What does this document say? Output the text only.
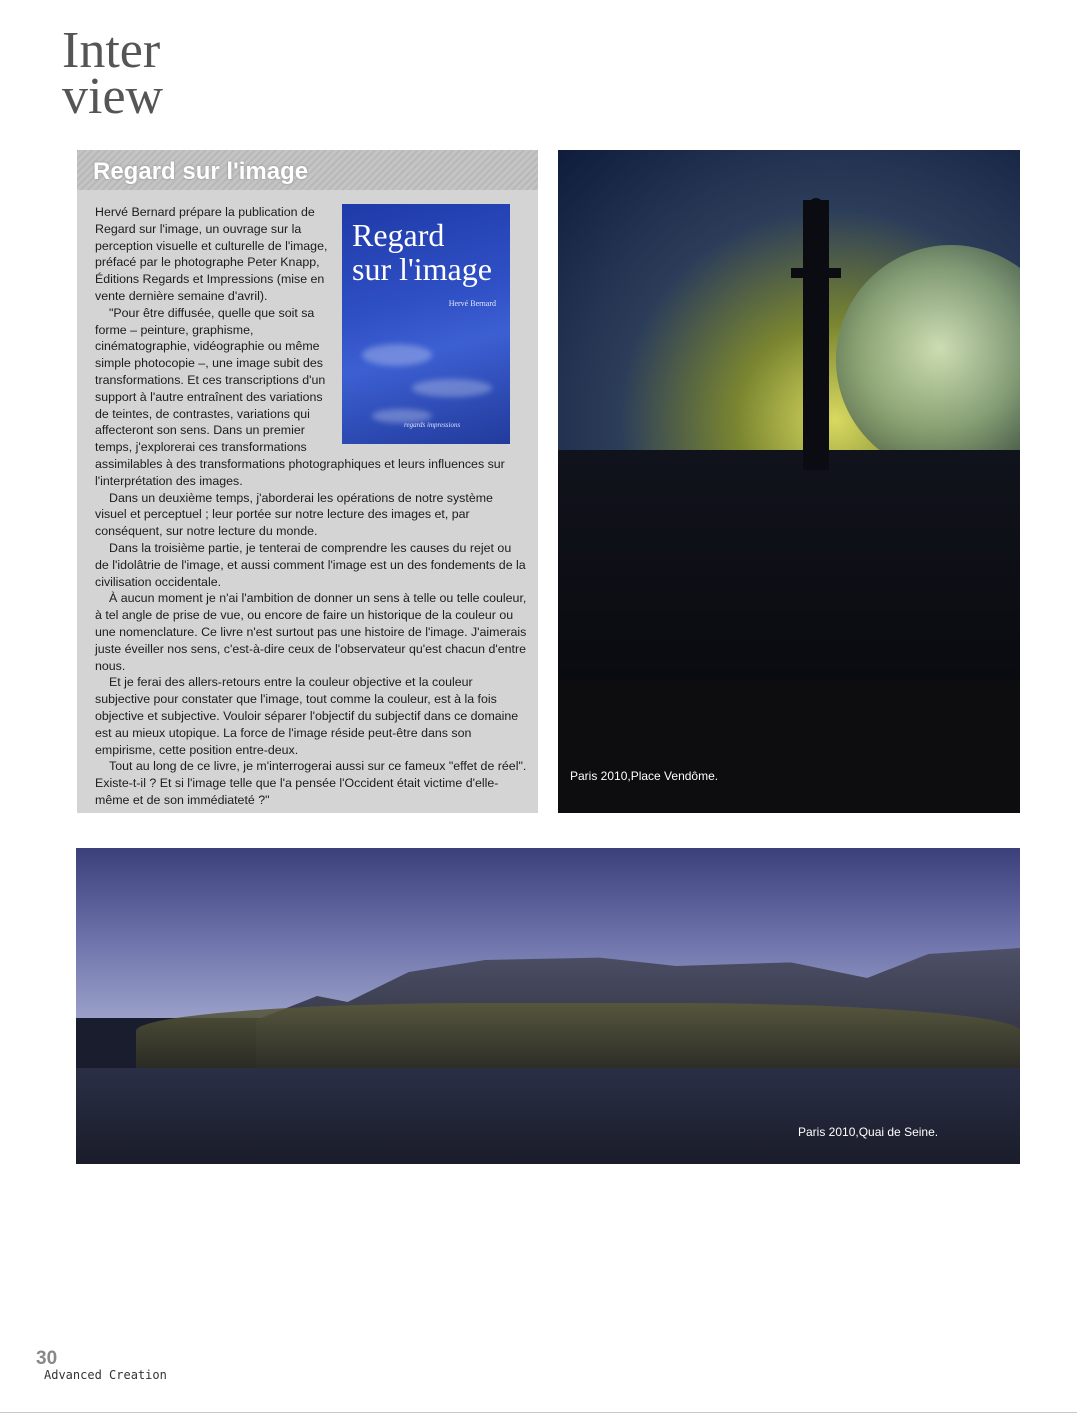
Inter
view
Regard sur l'image
Regard
sur l'image
Hervé Bernard
regards impressions

Hervé Bernard prépare la publication de Regard sur l'image, un ouvrage sur la perception visuelle et culturelle de l'image, préfacé par le photographe Peter Knapp, Éditions Regards et Impressions (mise en vente dernière semaine d'avril).

"Pour être diffusée, quelle que soit sa forme – peinture, graphisme, cinématographie, vidéographie ou même simple photocopie –, une image subit des transformations. Et ces transcriptions d'un support à l'autre entraînent des variations de teintes, de contrastes, variations qui affecteront son sens. Dans un premier temps, j'explorerai ces transformations assimilables à des transformations photographiques et leurs influences sur l'interprétation des images.

Dans un deuxième temps, j'aborderai les opérations de notre système visuel et perceptuel ; leur portée sur notre lecture des images et, par conséquent, sur notre lecture du monde.

Dans la troisième partie, je tenterai de comprendre les causes du rejet ou de l'idolâtrie de l'image, et aussi comment l'image est un des fondements de la civilisation occidentale.

À aucun moment je n'ai l'ambition de donner un sens à telle ou telle couleur, à tel angle de prise de vue, ou encore de faire un historique de la couleur ou une nomenclature. Ce livre n'est surtout pas une histoire de l'image. J'aimerais juste éveiller nos sens, c'est-à-dire ceux de l'observateur qu'est chacun d'entre nous.

Et je ferai des allers-retours entre la couleur objective et la couleur subjective pour constater que l'image, tout comme la couleur, est à la fois objective et subjective. Vouloir séparer l'objectif du subjectif dans ce domaine est au mieux utopique. La force de l'image réside peut-être dans son empirisme, cette position entre-deux.

Tout au long de ce livre, je m'interrogerai aussi sur ce fameux "effet de réel". Existe-t-il ? Et si l'image telle que l'a pensée l'Occident était victime d'elle-même et de son immédiateté ?"

Paris 2010,Place Vendôme.
Paris 2010,Quai de Seine.
30
Advanced Creation
